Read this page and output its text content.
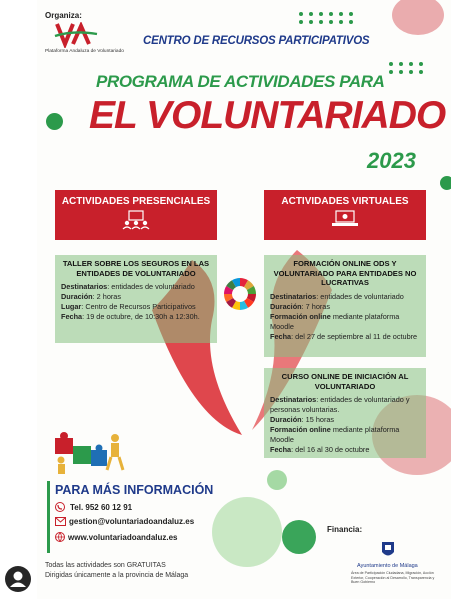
Organiza:
Plataforma Andaluza de Voluntariado
CENTRO DE RECURSOS PARTICIPATIVOS
PROGRAMA DE ACTIVIDADES PARA
EL VOLUNTARIADO
2023
ACTIVIDADES PRESENCIALES	ACTIVIDADES VIRTUALES
TALLER SOBRE LOS SEGUROS EN LAS ENTIDADES DE VOLUNTARIADO

Destinatarios: entidades de voluntariado

Duración: 2 horas

Lugar: Centro de Recursos Participativos

Fecha: 19 de octubre, de 10:30h a 12:30h.

FORMACIÓN ONLINE ODS Y VOLUNTARIADO PARA ENTIDADES NO LUCRATIVAS

Destinatarios: entidades de voluntariado

Duración: 7 horas

Formación online mediante plataforma Moodle

Fecha: del 27 de septiembre al 11 de octubre

CURSO ONLINE DE INICIACIÓN AL VOLUNTARIADO

Destinatarios: entidades de voluntariado y personas voluntarias.

Duración: 15 horas

Formación online mediante plataforma Moodle

Fecha: del 16 al 30 de octubre

PARA MÁS INFORMACIÓN
Tel. 952 60 12 91
gestion@voluntariadoandaluz.es
www.voluntariadoandaluz.es
Todas las actividades son GRATUITAS
Dirigidas únicamente a la provincia de Málaga
Financia:
Ayuntamiento de Málaga
Área de Participación Ciudadana, Migración, Acción Exterior, Cooperación al Desarrollo, Transparencia y Buen Gobierno
